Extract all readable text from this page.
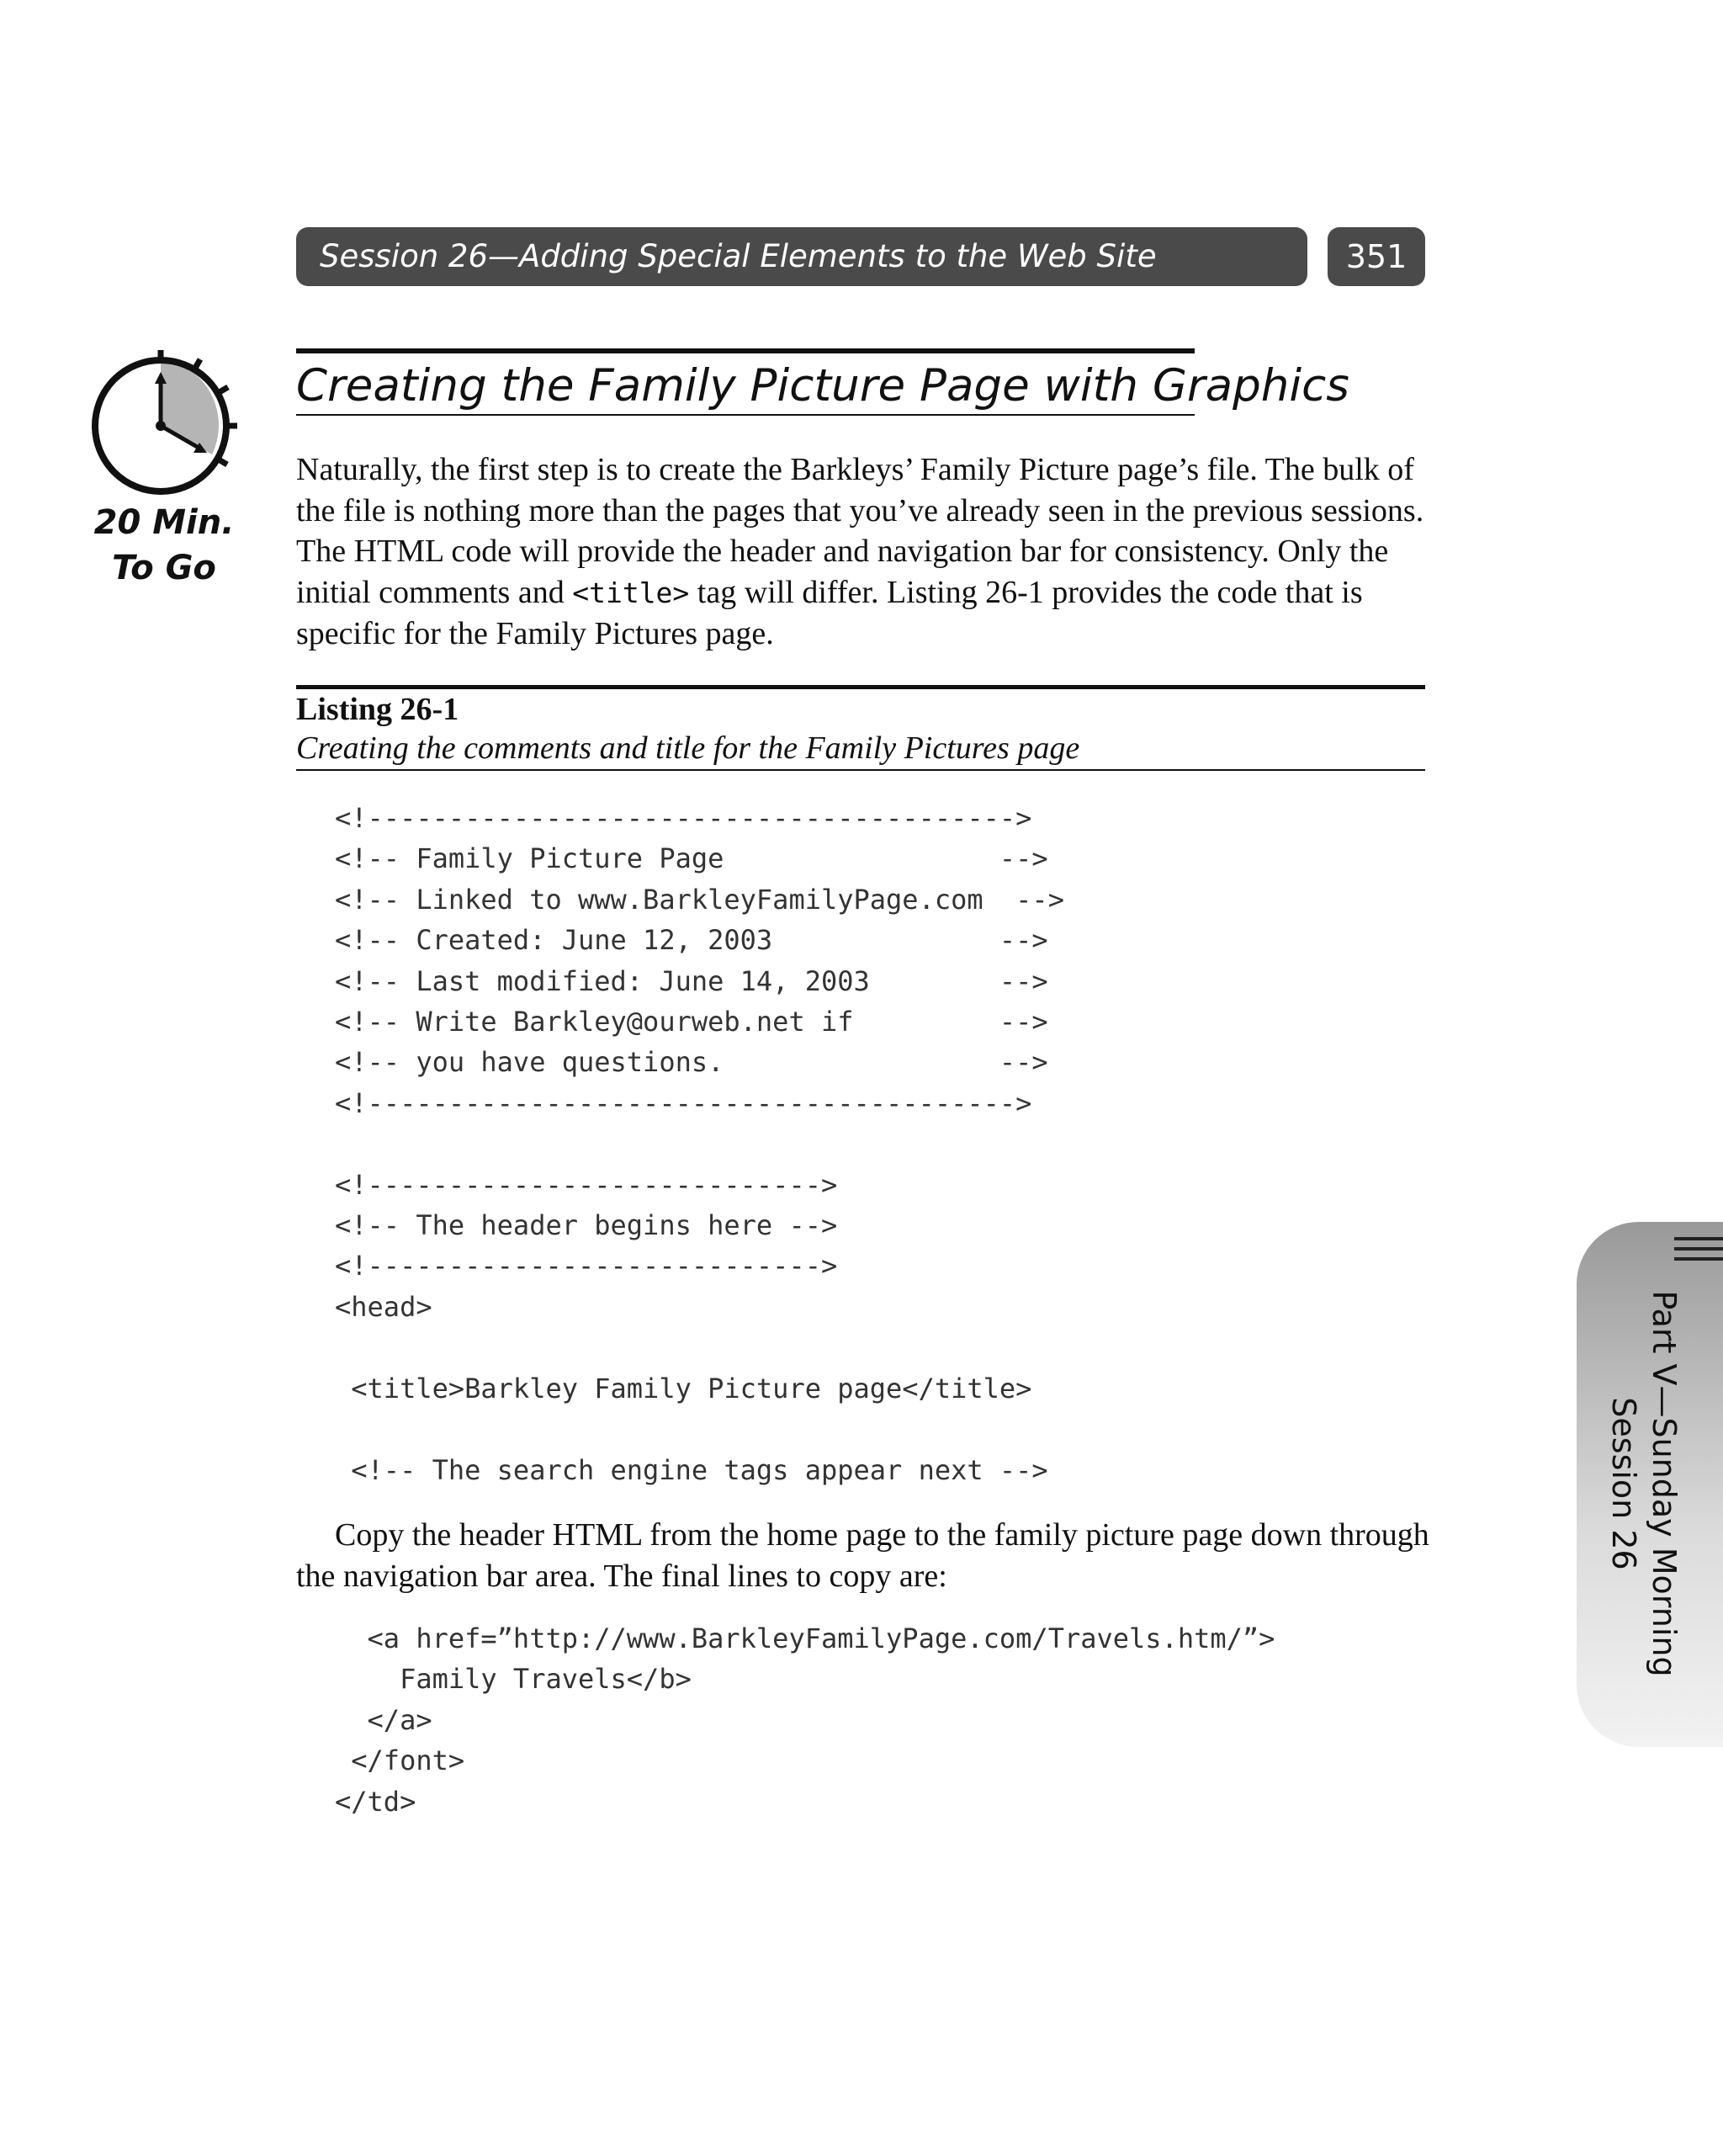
Session 26—Adding Special Elements to the Web Site	351
20 Min.
To Go
Creating the Family Picture Page with Graphics
Naturally, the first step is to create the Barkleys’ Family Picture page’s file. The bulk of the file is nothing more than the pages that you’ve already seen in the previous sessions. The HTML code will provide the header and navigation bar for consistency. Only the initial comments and <title> tag will differ. Listing 26-1 provides the code that is specific for the Family Pictures page.
Listing 26-1
Creating the comments and title for the Family Pictures page
<!---------------------------------------->
<!-- Family Picture Page                 -->
<!-- Linked to www.BarkleyFamilyPage.com  -->
<!-- Created: June 12, 2003              -->
<!-- Last modified: June 14, 2003        -->
<!-- Write Barkley@ourweb.net if         -->
<!-- you have questions.                 -->
<!---------------------------------------->

<!---------------------------->
<!-- The header begins here -->
<!---------------------------->
<head>

<title>Barkley Family Picture page</title>

<!-- The search engine tags appear next -->
Copy the header HTML from the home page to the family picture page down through the navigation bar area. The final lines to copy are:
<a href=”http://www.BarkleyFamilyPage.com/Travels.htm/”>
Family Travels</b>
</a>
</font>
</td>
Part V—Sunday Morning
Session 26
